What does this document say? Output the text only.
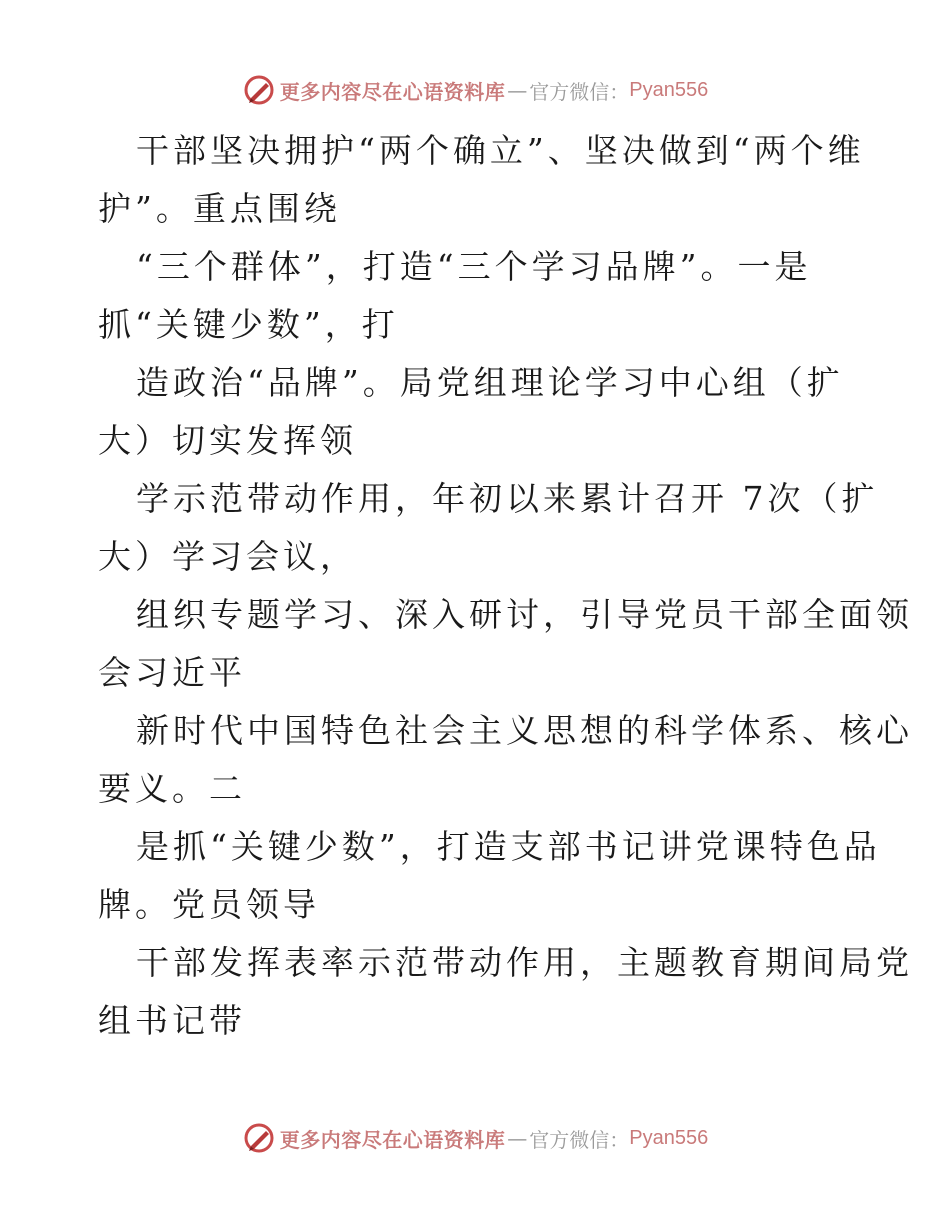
更多内容尽在心语资料库 — 官方微信： Pyan556
干部坚决拥护“两个确立”、坚决做到“两个维
护”。重点围绕
“三个群体”，打造“三个学习品牌”。一是
抓“关键少数”，打
造政治“品牌”。局党组理论学习中心组（扩
大）切实发挥领
学示范带动作用，年初以来累计召开 7次（扩
大）学习会议，
组织专题学习、深入研讨，引导党员干部全面领
会习近平
新时代中国特色社会主义思想的科学体系、核心
要义。二
是抓“关键少数”，打造支部书记讲党课特色品
牌。党员领导
干部发挥表率示范带动作用，主题教育期间局党
组书记带
更多内容尽在心语资料库 — 官方微信： Pyan556
